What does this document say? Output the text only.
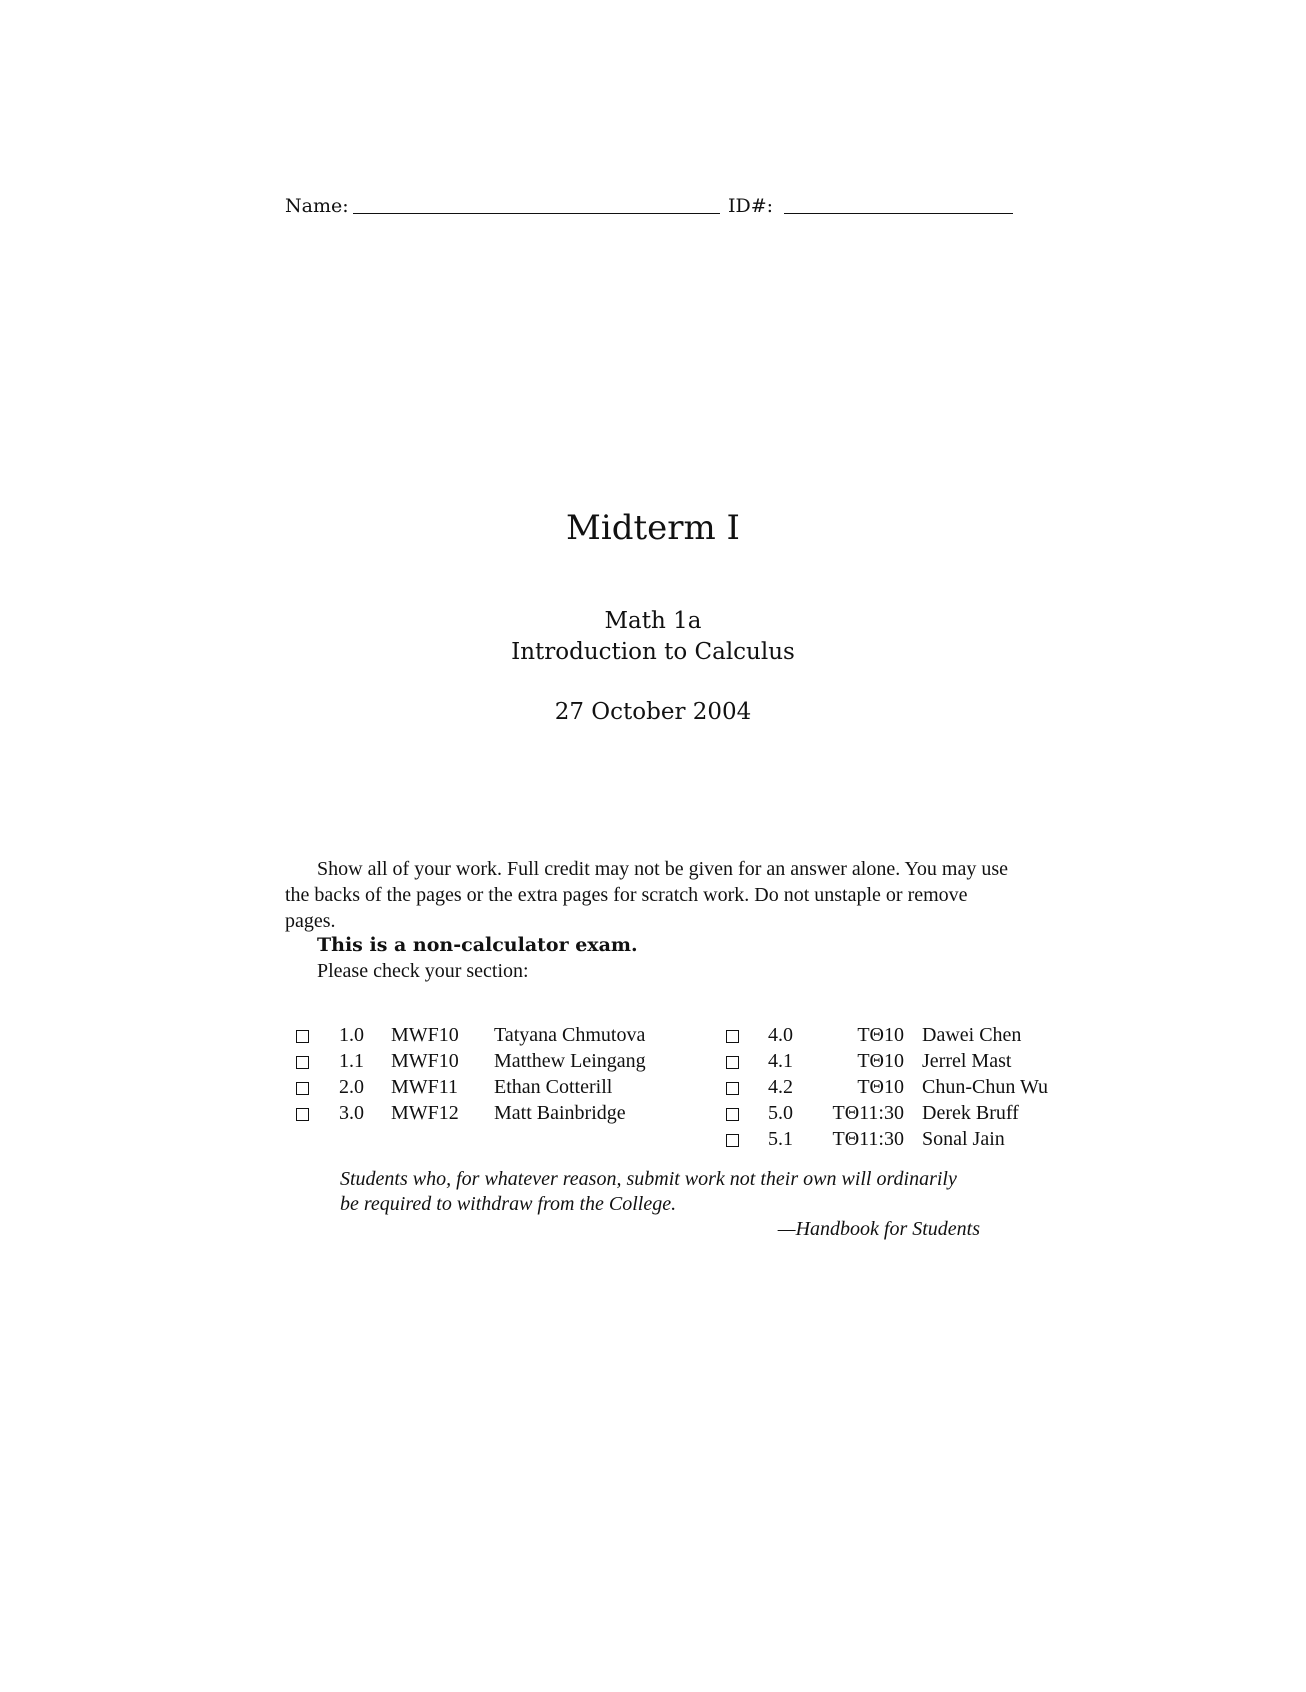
Name:	ID#:
Midterm I
Math 1a
Introduction to Calculus
27 October 2004
Show all of your work. Full credit may not be given for an answer alone. You may use the backs of the pages or the extra pages for scratch work. Do not unstaple or remove pages.
This is a non-calculator exam.
Please check your section:
1.0 MWF10 Tatyana Chmutova
1.1 MWF10 Matthew Leingang
2.0 MWF11 Ethan Cotterill
3.0 MWF12 Matt Bainbridge
4.0	TΘ10 Dawei Chen
4.1	TΘ10 Jerrel Mast
4.2	TΘ10 Chun-Chun Wu
5.0	TΘ11:30 Derek Bruff
5.1	TΘ11:30 Sonal Jain
Students who, for whatever reason, submit work not their own will ordinarily be required to withdraw from the College.
—Handbook for Students
